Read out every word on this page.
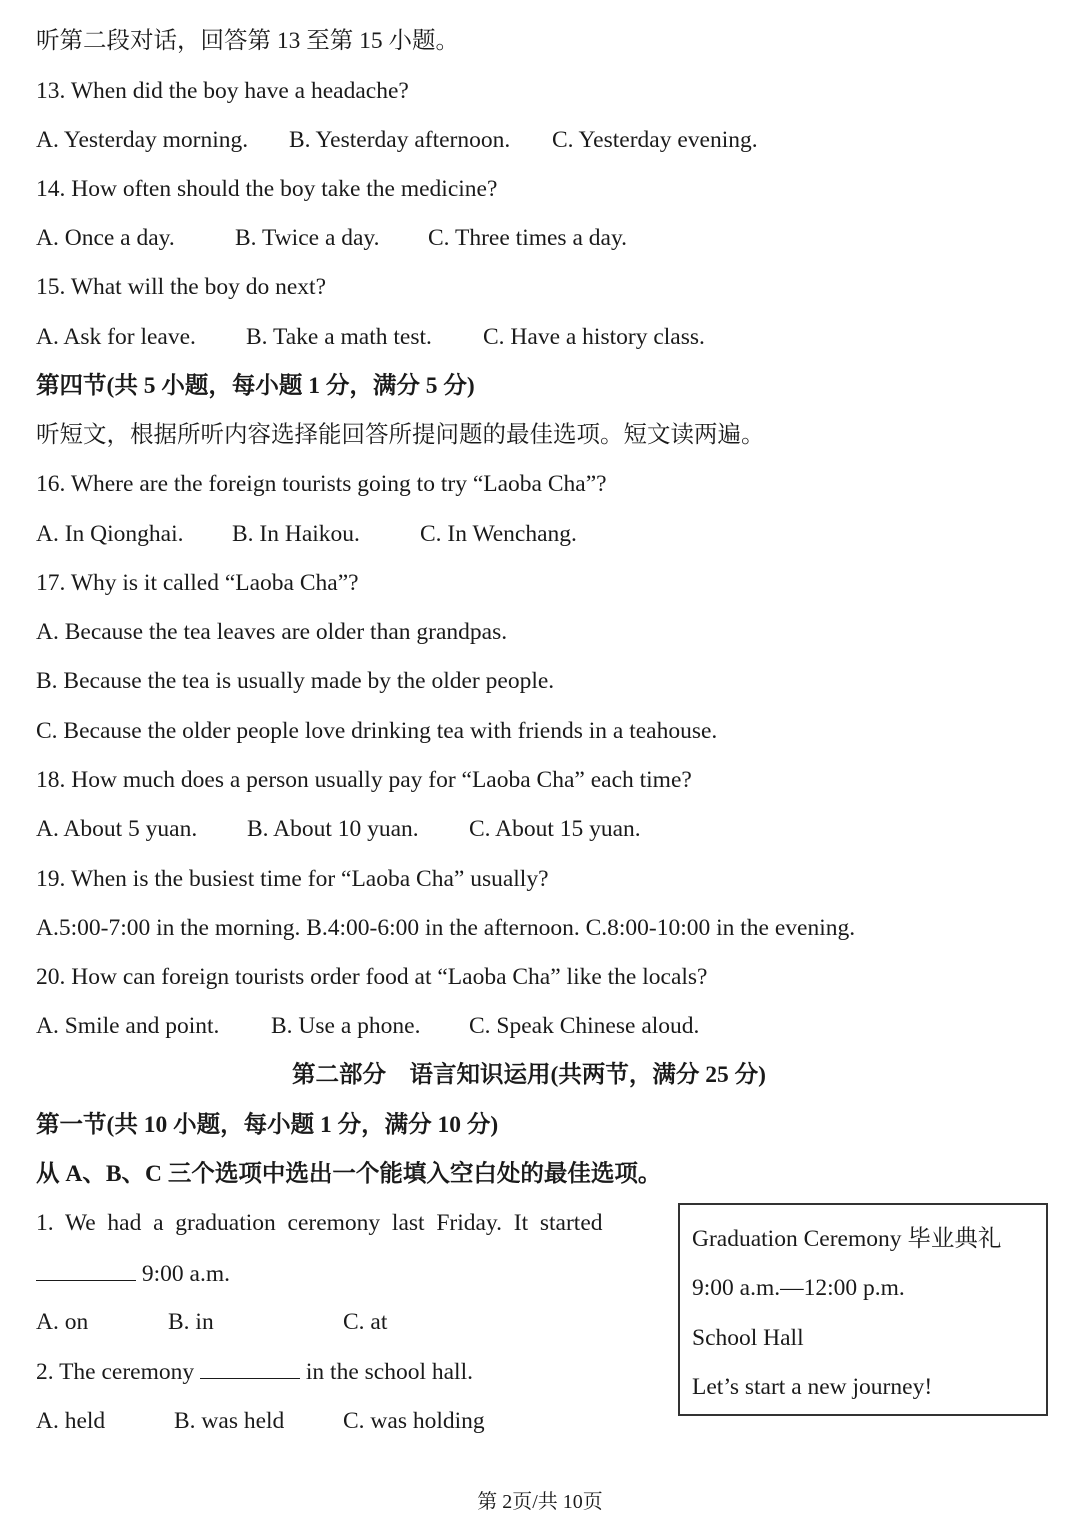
听第二段对话，回答第 13 至第 15 小题。
13. When did the boy have a headache?
A. Yesterday morning. B. Yesterday afternoon. C. Yesterday evening.
14. How often should the boy take the medicine?
A. Once a day.	B. Twice a day. C. Three times a day.
15. What will the boy do next?
A. Ask for leave. B. Take a math test. C. Have a history class.
第四节(共 5 小题，每小题 1 分，满分 5 分)
听短文，根据所听内容选择能回答所提问题的最佳选项。短文读两遍。
16. Where are the foreign tourists going to try “Laoba Cha”?
A. In Qionghai. B. In Haikou.	C. In Wenchang.
17. Why is it called “Laoba Cha”?
A. Because the tea leaves are older than grandpas.
B. Because the tea is usually made by the older people.
C. Because the older people love drinking tea with friends in a teahouse.
18. How much does a person usually pay for “Laoba Cha” each time?
A. About 5 yuan. B. About 10 yuan. C. About 15 yuan.
19. When is the busiest time for “Laoba Cha” usually?
A.5:00-7:00 in the morning. B.4:00-6:00 in the afternoon. C.8:00-10:00 in the evening.
20. How can foreign tourists order food at “Laoba Cha” like the locals?
A. Smile and point. B. Use a phone. C. Speak Chinese aloud.
第二部分　语言知识运用(共两节，满分 25 分)
第一节(共 10 小题，每小题 1 分，满分 10 分)
从 A、B、C 三个选项中选出一个能填入空白处的最佳选项。
1.  We  had  a  graduation  ceremony  last  Friday.  It  started
9:00 a.m.
A. on	B. in	C. at
2. The ceremony	in the school hall.
A. held	B. was held C. was holding
Graduation Ceremony 毕业典礼
9:00 a.m.—12:00 p.m.
School Hall
Let’s start a new journey!
第 2页/共 10页
